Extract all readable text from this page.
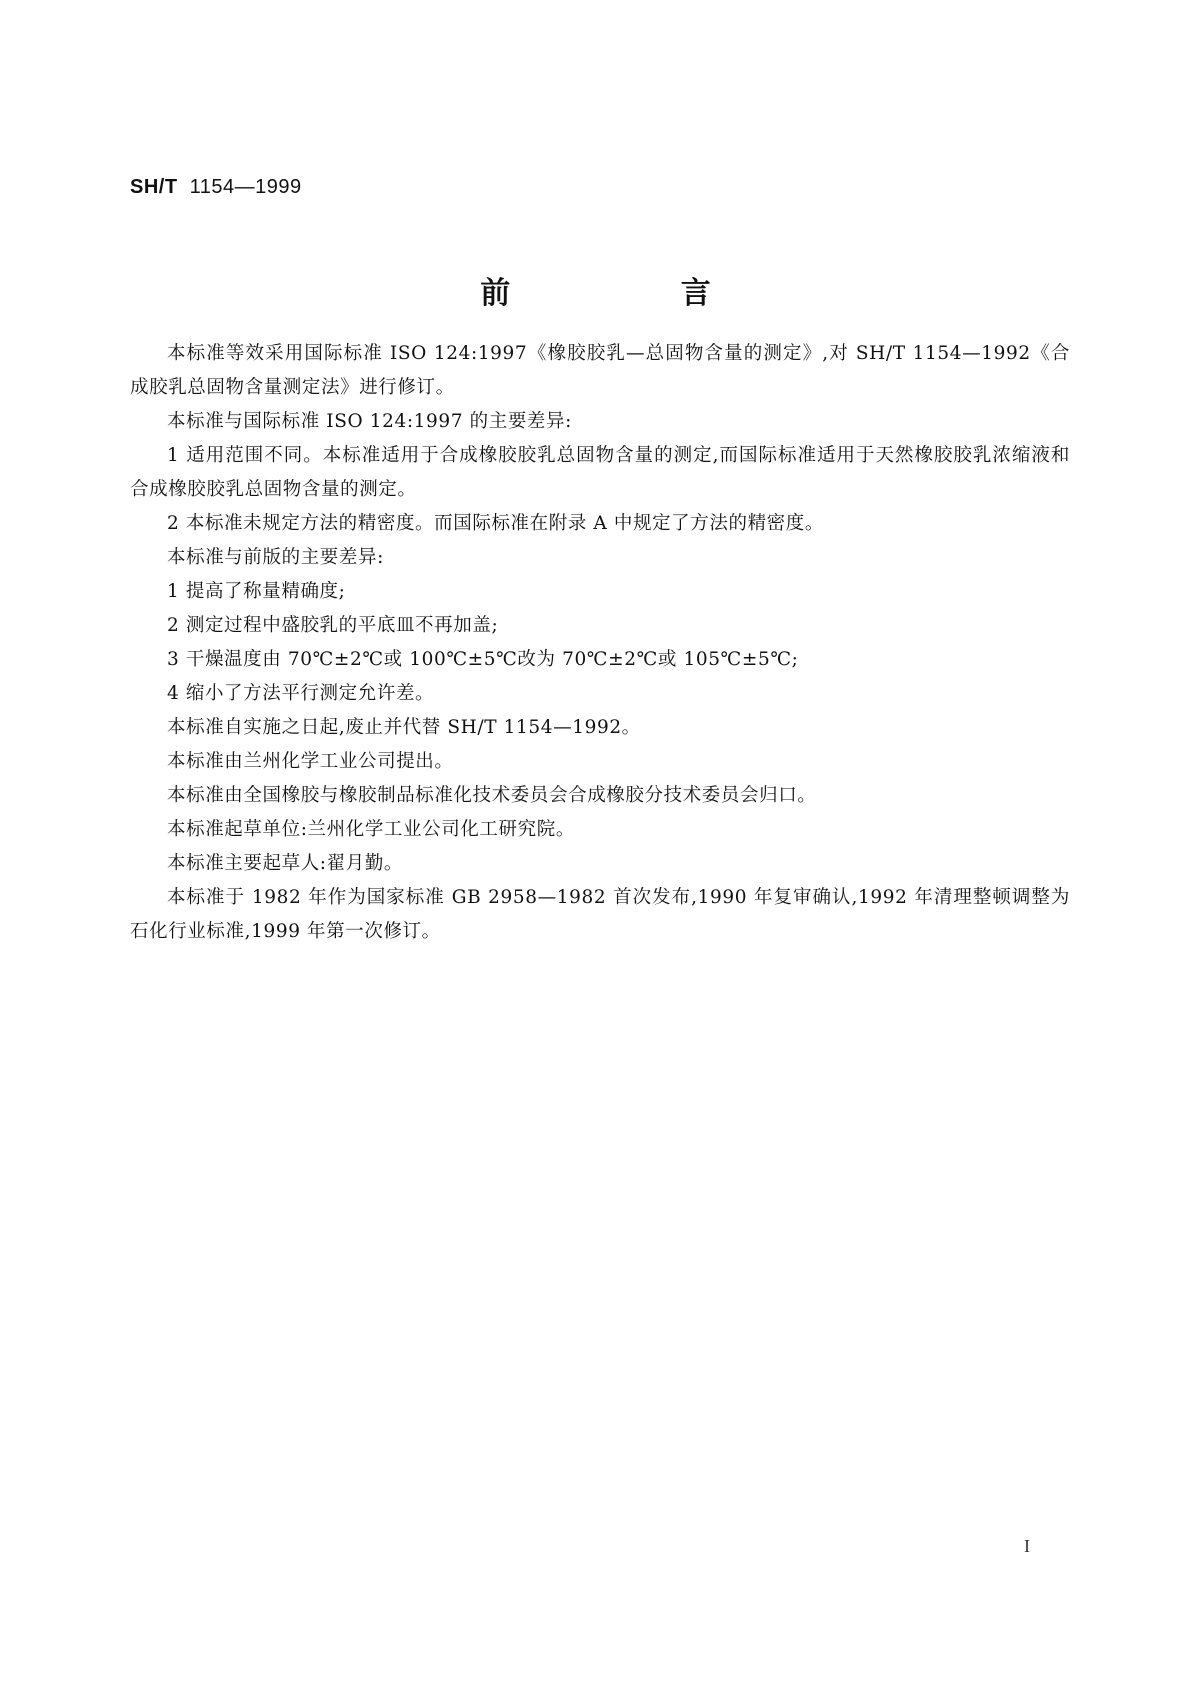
SH/T 1154—1999
前 言

本标准等效采用国际标准 ISO 124:1997《橡胶胶乳—总固物含量的测定》,对 SH/T 1154—1992《合成胶乳总固物含量测定法》进行修订。

本标准与国际标准 ISO 124:1997 的主要差异:

1 适用范围不同。本标准适用于合成橡胶胶乳总固物含量的测定,而国际标准适用于天然橡胶胶乳浓缩液和合成橡胶胶乳总固物含量的测定。

2 本标准未规定方法的精密度。而国际标准在附录 A 中规定了方法的精密度。

本标准与前版的主要差异:

1 提高了称量精确度;

2 测定过程中盛胶乳的平底皿不再加盖;

3 干燥温度由 70℃±2℃或 100℃±5℃改为 70℃±2℃或 105℃±5℃;

4 缩小了方法平行测定允许差。

本标准自实施之日起,废止并代替 SH/T 1154—1992。

本标准由兰州化学工业公司提出。

本标准由全国橡胶与橡胶制品标准化技术委员会合成橡胶分技术委员会归口。

本标准起草单位:兰州化学工业公司化工研究院。

本标准主要起草人:翟月勤。

本标准于 1982 年作为国家标准 GB 2958—1982 首次发布,1990 年复审确认,1992 年清理整顿调整为石化行业标准,1999 年第一次修订。

I
